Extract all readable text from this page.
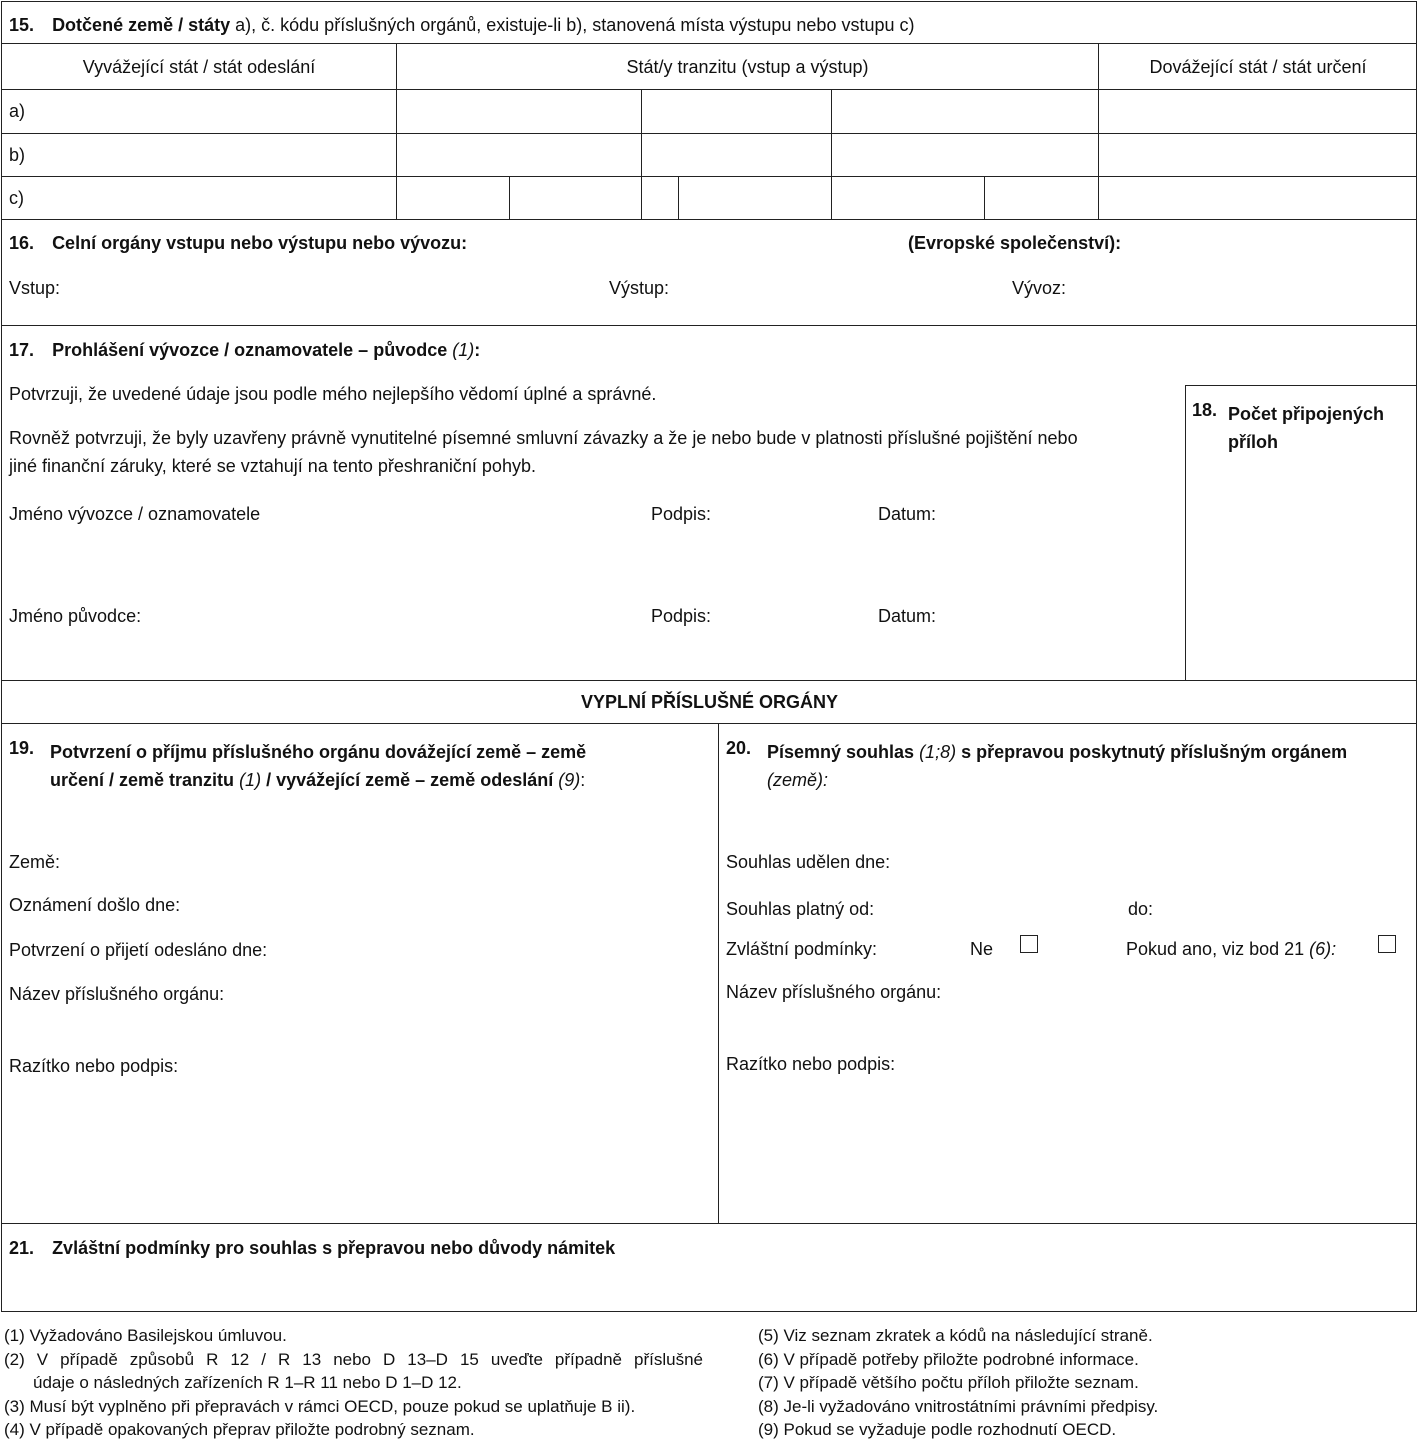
15. Dotčené země / státy a), č. kódu příslušných orgánů, existuje-li b), stanovená místa výstupu nebo vstupu c)
Vyvážející stát / stát odeslání	Stát/y tranzitu (vstup a výstup)	Dovážející stát / stát určení
a)
b)
c)
16. Celní orgány vstupu nebo výstupu nebo vývozu:	(Evropské společenství):
Vstup:	Výstup:	Vývoz:
17. Prohlášení vývozce / oznamovatele – původce (1):
Potvrzuji, že uvedené údaje jsou podle mého nejlepšího vědomí úplné a správné.
Rovněž potvrzuji, že byly uzavřeny právně vynutitelné písemné smluvní závazky a že je nebo bude v platnosti příslušné pojištění nebo
jiné finanční záruky, které se vztahují na tento přeshraniční pohyb.
Jméno vývozce / oznamovatele	Podpis:	Datum:
Jméno původce:	Podpis:	Datum:
18. Počet připojených
příloh
VYPLNÍ PŘÍSLUŠNÉ ORGÁNY
19. Potvrzení o příjmu příslušného orgánu dovážející země – země
určení / země tranzitu (1) / vyvážející země – země odeslání (9):
Země:
Oznámení došlo dne:
Potvrzení o přijetí odesláno dne:
Název příslušného orgánu:
Razítko nebo podpis:
20. Písemný souhlas (1;8) s přepravou poskytnutý příslušným orgánem
(země):
Souhlas udělen dne:
Souhlas platný od:	do:
Zvláštní podmínky:	Ne	Pokud ano, viz bod 21 (6):
Název příslušného orgánu:
Razítko nebo podpis:
21. Zvláštní podmínky pro souhlas s přepravou nebo důvody námitek
(1) Vyžadováno Basilejskou úmluvou.
(2) V případě způsobů R 12 / R 13 nebo D 13–D 15 uveďte případně příslušné
údaje o následných zařízeních R 1–R 11 nebo D 1–D 12.
(3) Musí být vyplněno při přepravách v rámci OECD, pouze pokud se uplatňuje B ii).
(4) V případě opakovaných přeprav přiložte podrobný seznam.
(5) Viz seznam zkratek a kódů na následující straně.
(6) V případě potřeby přiložte podrobné informace.
(7) V případě většího počtu příloh přiložte seznam.
(8) Je-li vyžadováno vnitrostátními právními předpisy.
(9) Pokud se vyžaduje podle rozhodnutí OECD.
